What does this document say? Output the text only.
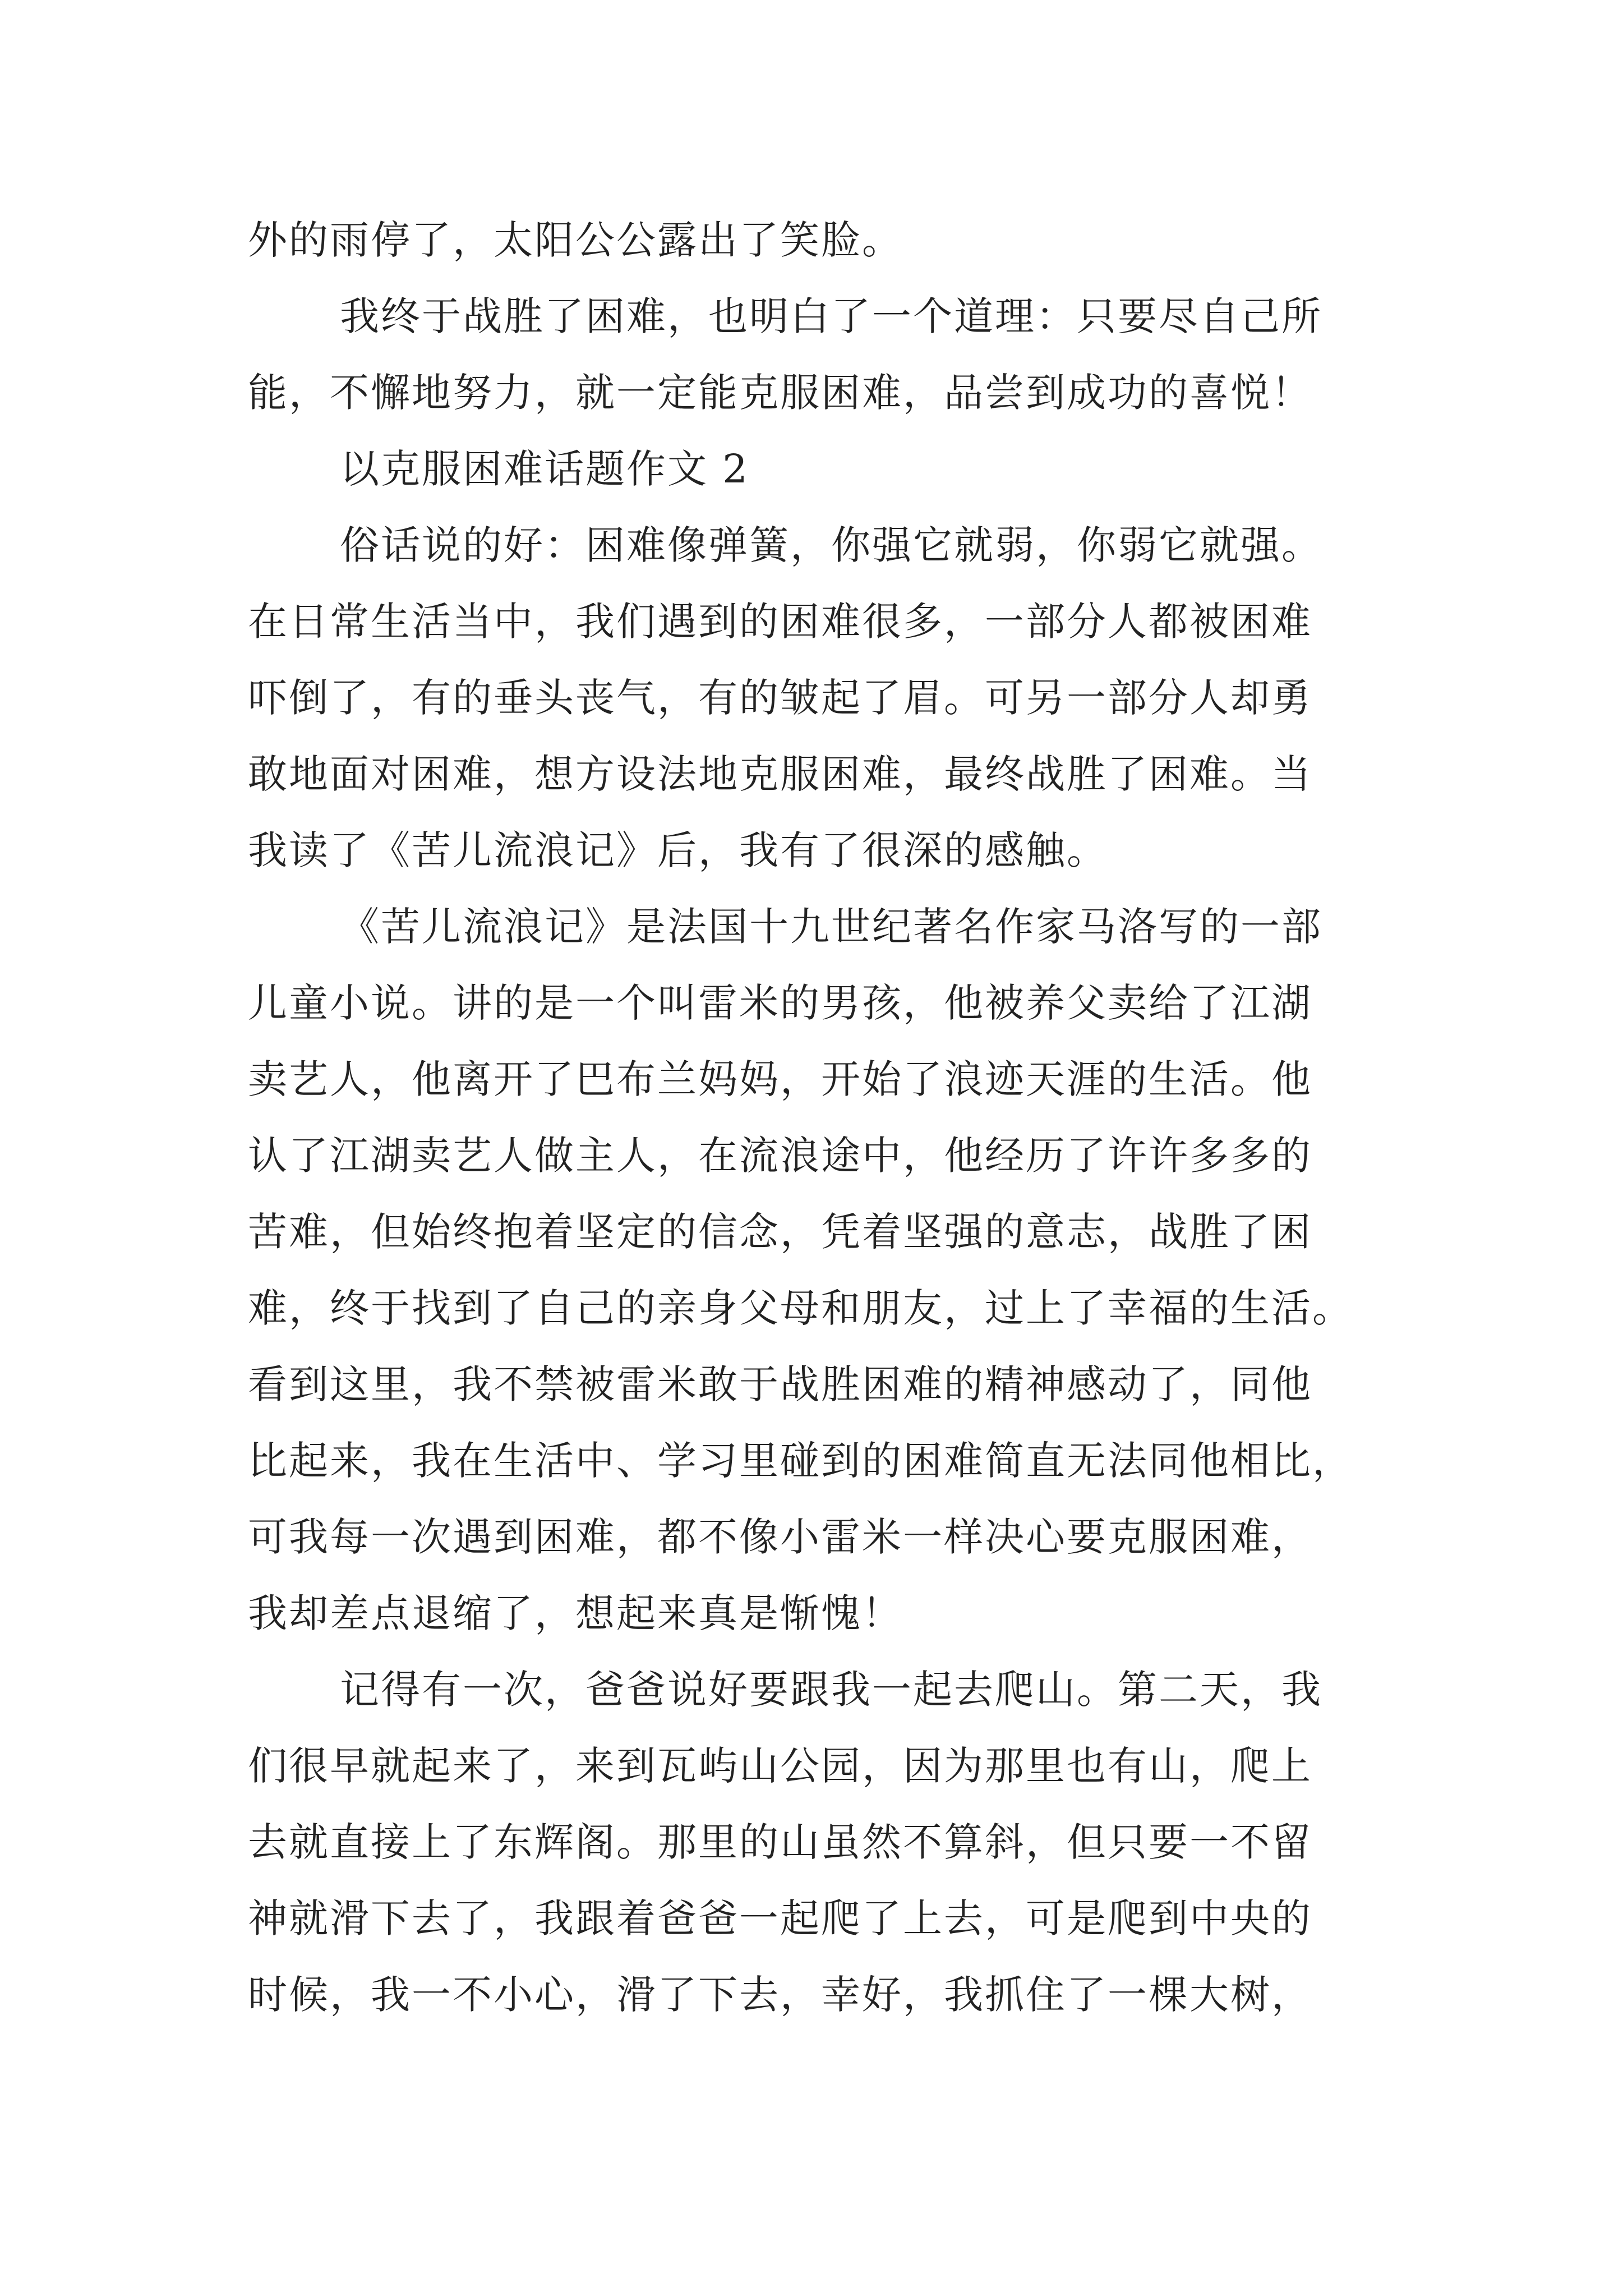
外的雨停了，太阳公公露出了笑脸。
我终于战胜了困难，也明白了一个道理：只要尽自己所
能，不懈地努力，就一定能克服困难，品尝到成功的喜悦！
以克服困难话题作文 2
俗话说的好：困难像弹簧，你强它就弱，你弱它就强。
在日常生活当中，我们遇到的困难很多，一部分人都被困难
吓倒了，有的垂头丧气，有的皱起了眉。可另一部分人却勇
敢地面对困难，想方设法地克服困难，最终战胜了困难。当
我读了《苦儿流浪记》后，我有了很深的感触。
《苦儿流浪记》是法国十九世纪著名作家马洛写的一部
儿童小说。讲的是一个叫雷米的男孩，他被养父卖给了江湖
卖艺人，他离开了巴布兰妈妈，开始了浪迹天涯的生活。他
认了江湖卖艺人做主人，在流浪途中，他经历了许许多多的
苦难，但始终抱着坚定的信念，凭着坚强的意志，战胜了困
难，终于找到了自己的亲身父母和朋友，过上了幸福的生活。
看到这里，我不禁被雷米敢于战胜困难的精神感动了，同他
比起来，我在生活中、学习里碰到的困难简直无法同他相比，
可我每一次遇到困难，都不像小雷米一样决心要克服困难，
我却差点退缩了，想起来真是惭愧！
记得有一次，爸爸说好要跟我一起去爬山。第二天，我
们很早就起来了，来到瓦屿山公园，因为那里也有山，爬上
去就直接上了东辉阁。那里的山虽然不算斜，但只要一不留
神就滑下去了，我跟着爸爸一起爬了上去，可是爬到中央的
时候，我一不小心，滑了下去，幸好，我抓住了一棵大树，
